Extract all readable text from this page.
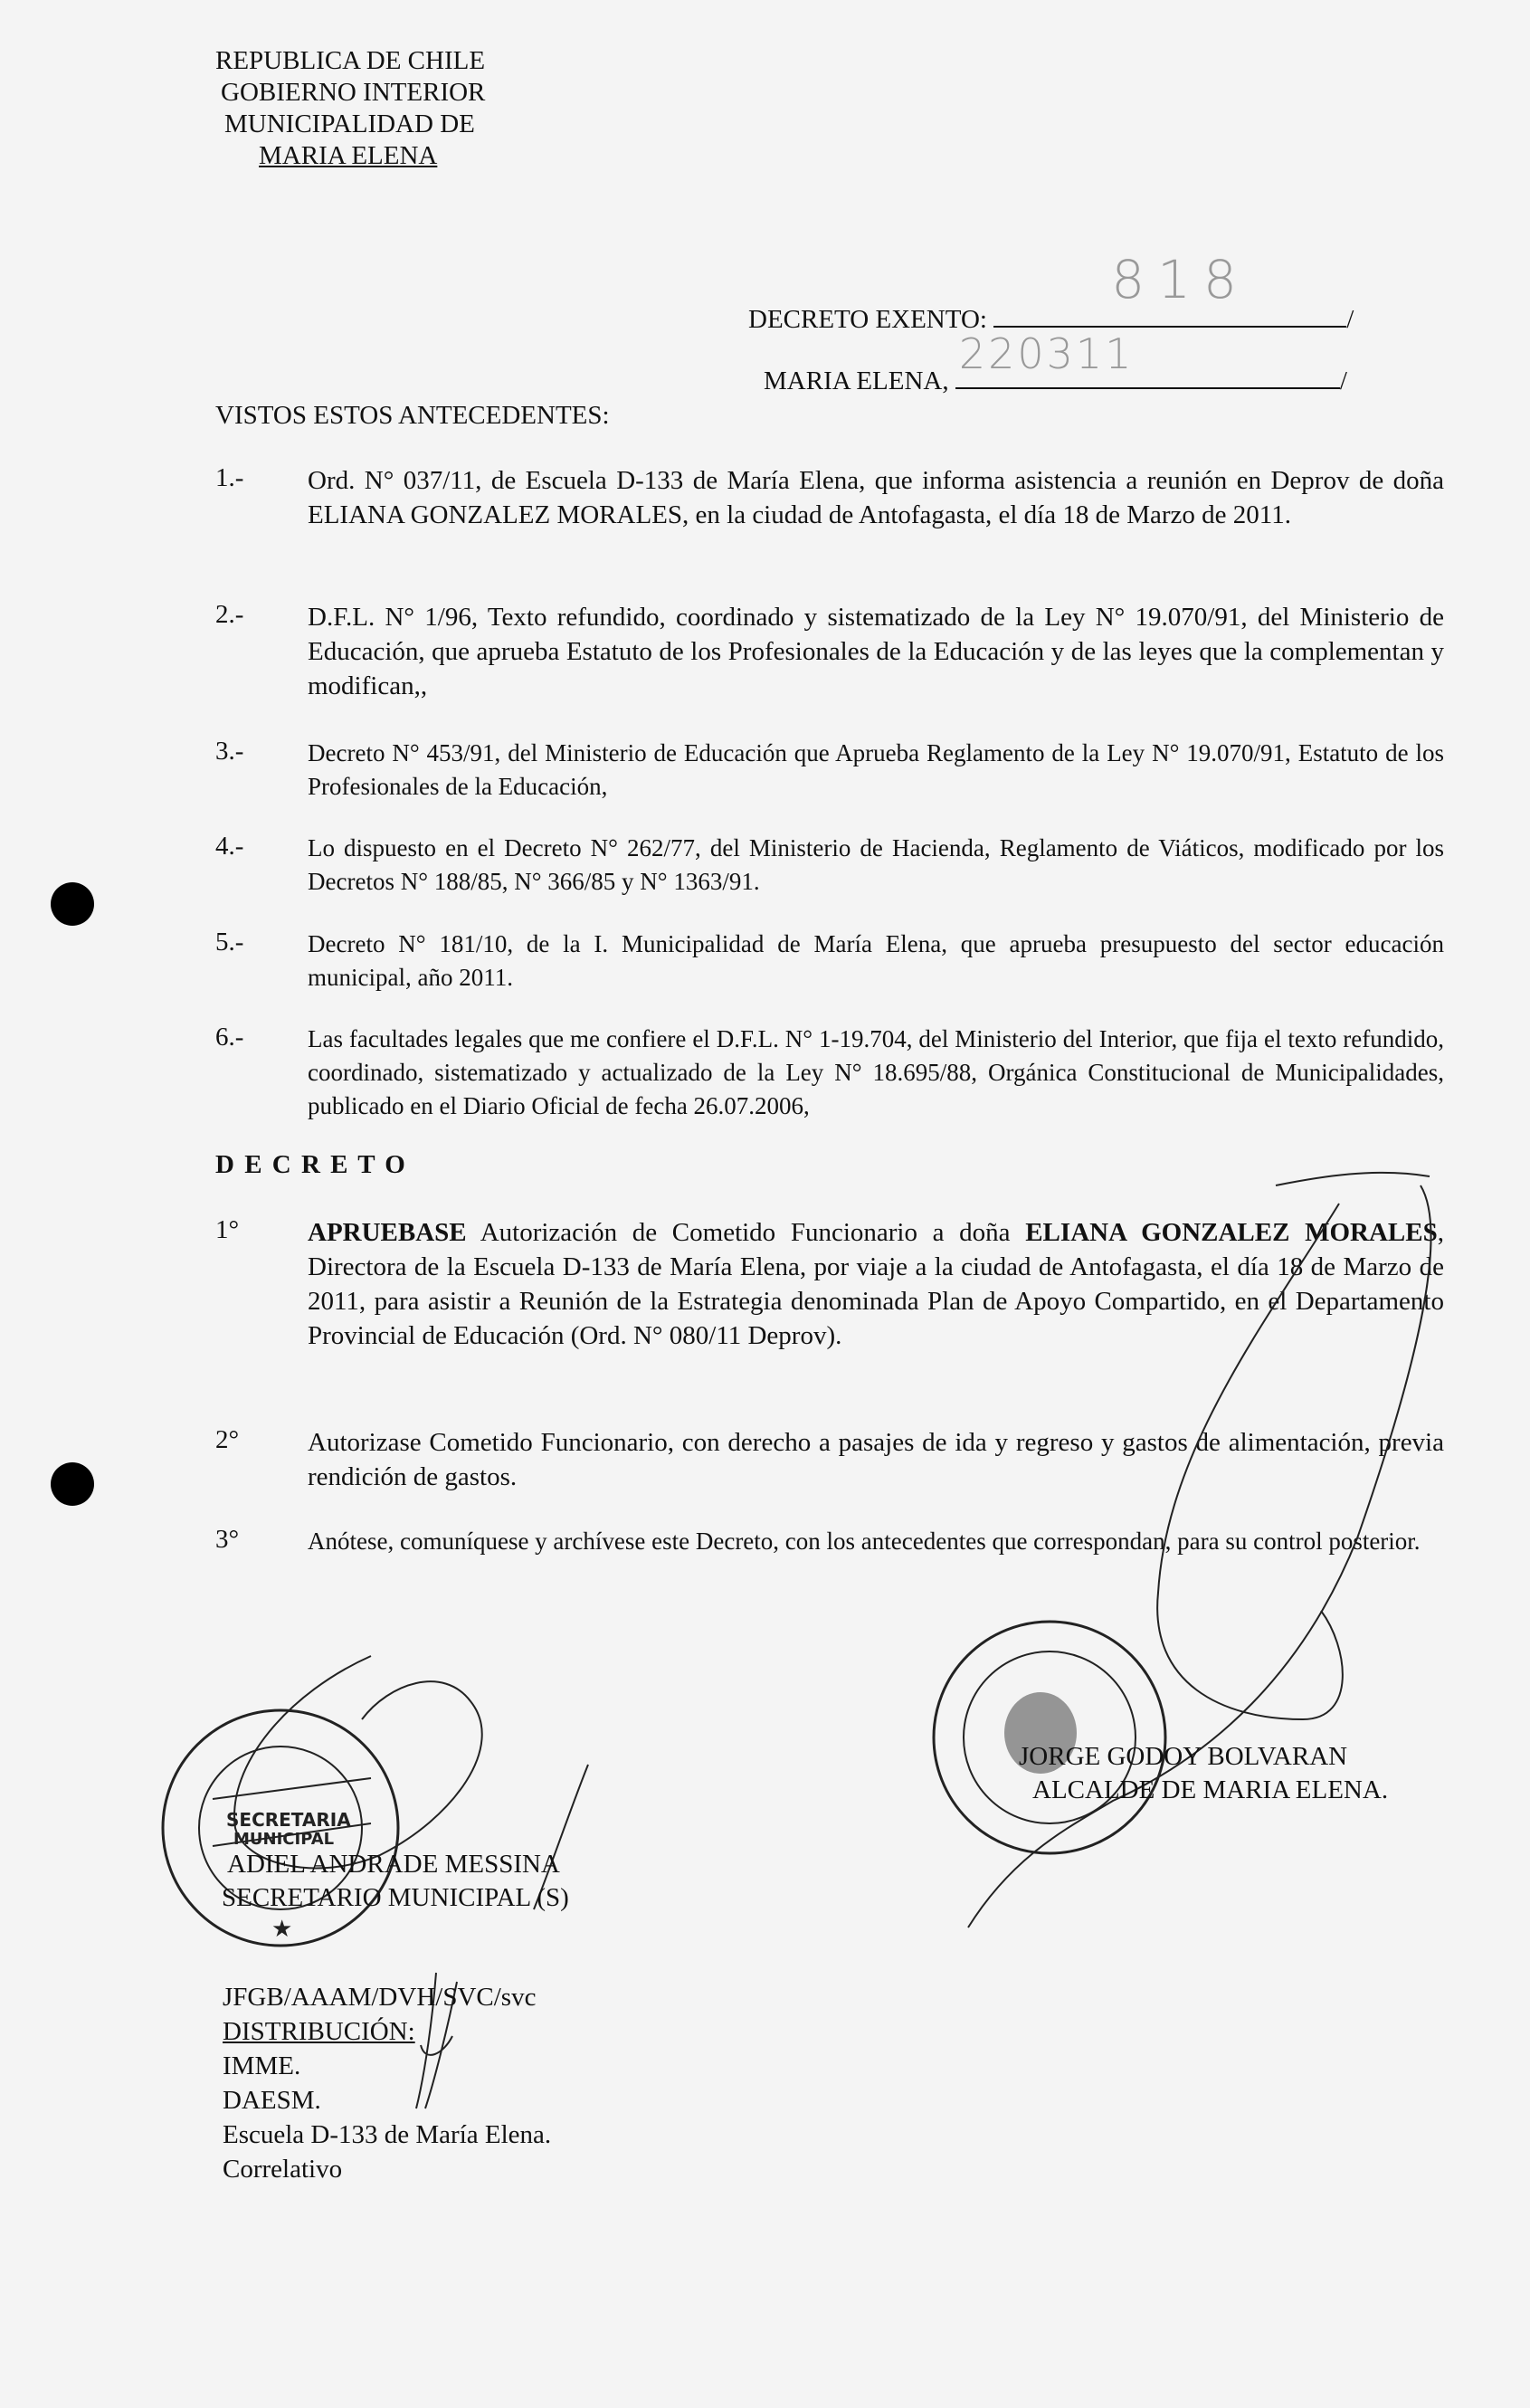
REPUBLICA DE CHILE
GOBIERNO INTERIOR
MUNICIPALIDAD DE
MARIA ELENA
DECRETO EXENTO:
818
/
MARIA ELENA,
220311
/
VISTOS ESTOS ANTECEDENTES:
1.- Ord. N° 037/11, de Escuela D-133 de María Elena, que informa asistencia a reunión en Deprov de doña ELIANA GONZALEZ MORALES, en la ciudad de Antofagasta, el día 18 de Marzo de 2011.
2.- D.F.L. N° 1/96, Texto refundido, coordinado y sistematizado de la Ley N° 19.070/91, del Ministerio de Educación, que aprueba Estatuto de los Profesionales de la Educación y de las leyes que la complementan y modifican,,
3.-	Decreto N° 453/91, del Ministerio de Educación que Aprueba Reglamento de la Ley N° 19.070/91, Estatuto de los Profesionales de la Educación,
4.-	Lo dispuesto en el Decreto N° 262/77, del Ministerio de Hacienda, Reglamento de Viáticos, modificado por los Decretos N° 188/85, N° 366/85 y N° 1363/91.
5.-	Decreto N° 181/10, de la I. Municipalidad de María Elena, que aprueba presupuesto del sector educación municipal, año 2011.
6.-	Las facultades legales que me confiere el D.F.L. N° 1-19.704, del Ministerio del Interior, que fija el texto refundido, coordinado, sistematizado y actualizado de la Ley N° 18.695/88, Orgánica Constitucional de Municipalidades, publicado en el Diario Oficial de fecha 26.07.2006,
D E C R E T O
1°	APRUEBASE Autorización de Cometido Funcionario a doña ELIANA GONZALEZ MORALES, Directora de la Escuela D-133 de María Elena, por viaje a la ciudad de Antofagasta, el día 18 de Marzo de 2011, para asistir a Reunión de la Estrategia denominada Plan de Apoyo Compartido, en el Departamento Provincial de Educación (Ord. N° 080/11 Deprov).
2°	Autorizase Cometido Funcionario, con derecho a pasajes de ida y regreso y gastos de alimentación, previa rendición de gastos.
3°	Anótese, comuníquese y archívese este Decreto, con los antecedentes que correspondan, para su control posterior.
SECRETARIA
MUNICIPAL
★
ADIEL ANDRADE MESSINA
SECRETARIO MUNICIPAL (S)
JORGE GODOY BOLVARAN
ALCALDE DE MARIA ELENA.
JFGB/AAAM/DVH/SVC/svc
DISTRIBUCIÓN:
IMME.
DAESM.
Escuela D-133 de María Elena.
Correlativo
